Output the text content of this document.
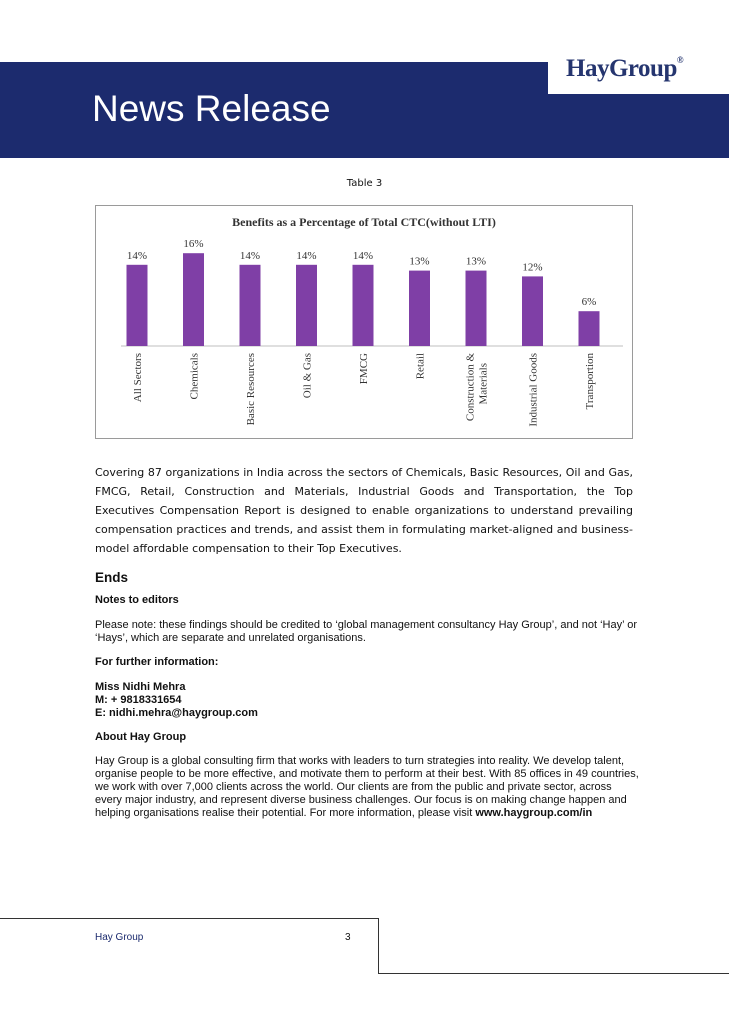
HayGroup®
News Release
Table 3
Benefits as a Percentage of Total CTC(without LTI)
14%
All Sectors
16%
Chemicals
14%
Basic Resources
14%
Oil & Gas
14%
FMCG
13%
Retail
13%
Construction &Materials
12%
Industrial Goods
6%
Transportion
Covering 87 organizations in India across the sectors of Chemicals, Basic Resources, Oil and Gas, FMCG, Retail, Construction and Materials, Industrial Goods and Transportation, the Top Executives Compensation Report is designed to enable organizations to understand prevailing compensation practices and trends, and assist them in formulating market-aligned and business-model affordable compensation to their Top Executives.
Ends
Notes to editors
Please note: these findings should be credited to ‘global management consultancy Hay Group’, and not ‘Hay’ or ‘Hays’, which are separate and unrelated organisations.
For further information:
Miss Nidhi Mehra
M: + 9818331654
E: nidhi.mehra@haygroup.com
About Hay Group
Hay Group is a global consulting firm that works with leaders to turn strategies into reality. We develop talent, organise people to be more effective, and motivate them to perform at their best. With 85 offices in 49 countries, we work with over 7,000 clients across the world. Our clients are from the public and private sector, across every major industry, and represent diverse business challenges. Our focus is on making change happen and helping organisations realise their potential. For more information, please visit www.haygroup.com/in
Hay Group	3
